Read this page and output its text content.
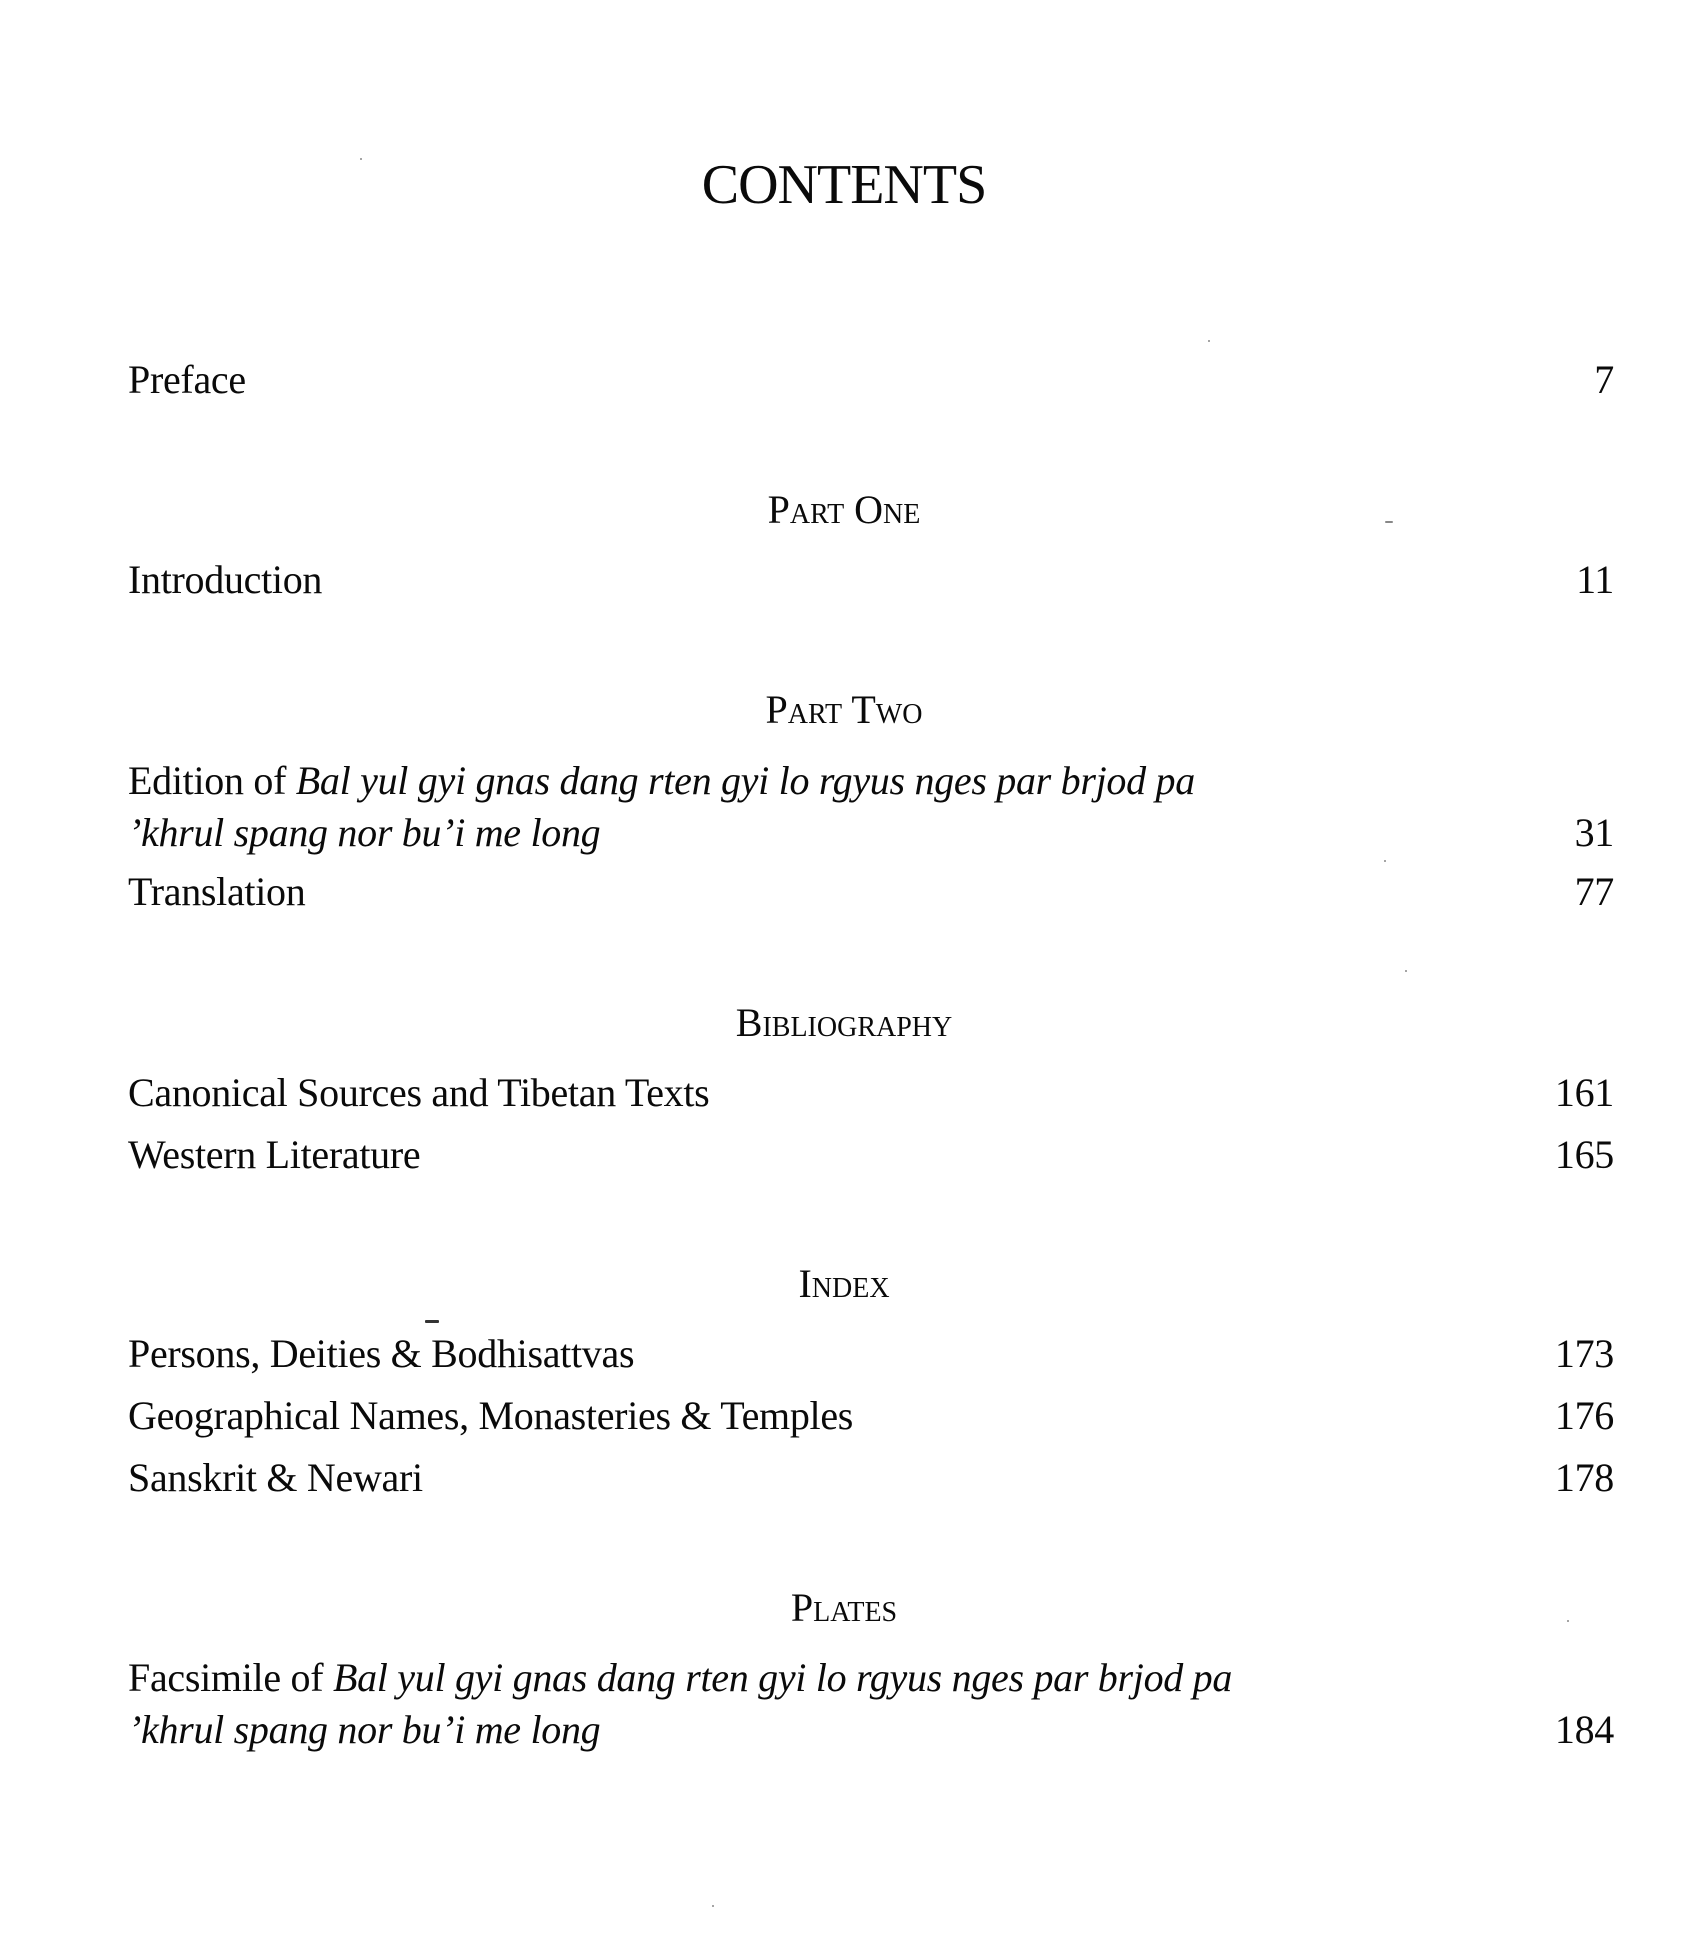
CONTENTS
Preface	7
Part One
Introduction	11
Part Two
Edition of Bal yul gyi gnas dang rten gyi lo rgyus nges par brjod pa
’khrul spang nor bu’i me long	31
Translation	77
Bibliography
Canonical Sources and Tibetan Texts	161
Western Literature	165
Index
Persons, Deities & Bodhisattvas	173
Geographical Names, Monasteries & Temples	176
Sanskrit & Newari	178
Plates
Facsimile of Bal yul gyi gnas dang rten gyi lo rgyus nges par brjod pa
’khrul spang nor bu’i me long	184
